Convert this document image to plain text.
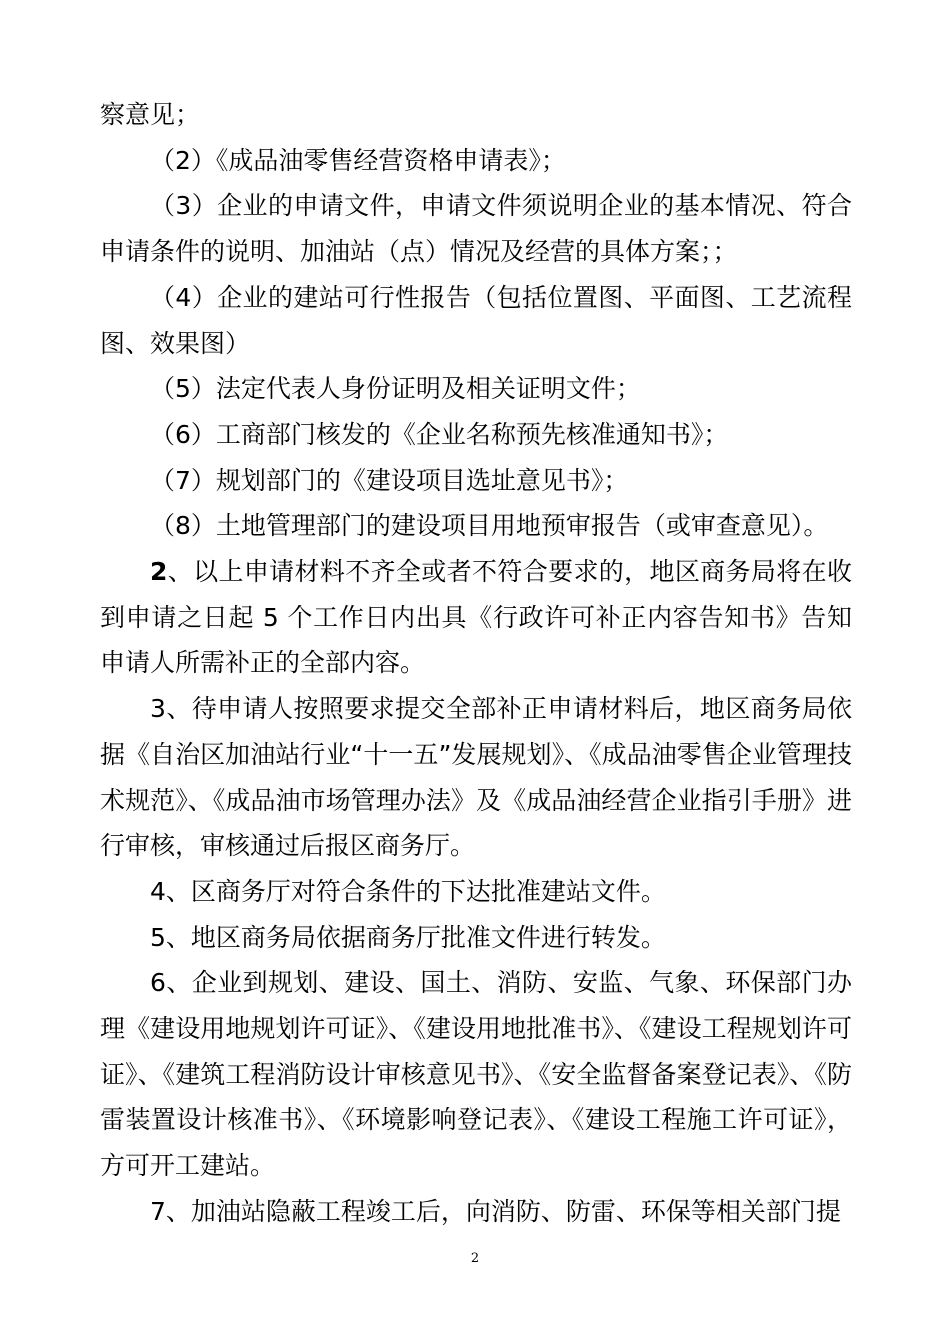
察意见；

（2）《成品油零售经营资格申请表》；

（3）企业的申请文件，申请文件须说明企业的基本情况、符合申请条件的说明、加油站（点）情况及经营的具体方案；；

（4）企业的建站可行性报告（包括位置图、平面图、工艺流程图、效果图）

（5）法定代表人身份证明及相关证明文件；

（6）工商部门核发的《企业名称预先核准通知书》；

（7）规划部门的《建设项目选址意见书》；

（8）土地管理部门的建设项目用地预审报告（或审查意见）。

2、以上申请材料不齐全或者不符合要求的，地区商务局将在收到申请之日起 5 个工作日内出具《行政许可补正内容告知书》告知申请人所需补正的全部内容。

3、待申请人按照要求提交全部补正申请材料后，地区商务局依据《自治区加油站行业“十一五”发展规划》、《成品油零售企业管理技术规范》、《成品油市场管理办法》及《成品油经营企业指引手册》进行审核，审核通过后报区商务厅。

4、区商务厅对符合条件的下达批准建站文件。

5、地区商务局依据商务厅批准文件进行转发。

6、企业到规划、建设、国土、消防、安监、气象、环保部门办理《建设用地规划许可证》、《建设用地批准书》、《建设工程规划许可证》、《建筑工程消防设计审核意见书》、《安全监督备案登记表》、《防雷装置设计核准书》、《环境影响登记表》、《建设工程施工许可证》，方可开工建站。

7、加油站隐蔽工程竣工后，向消防、防雷、环保等相关部门提

2
